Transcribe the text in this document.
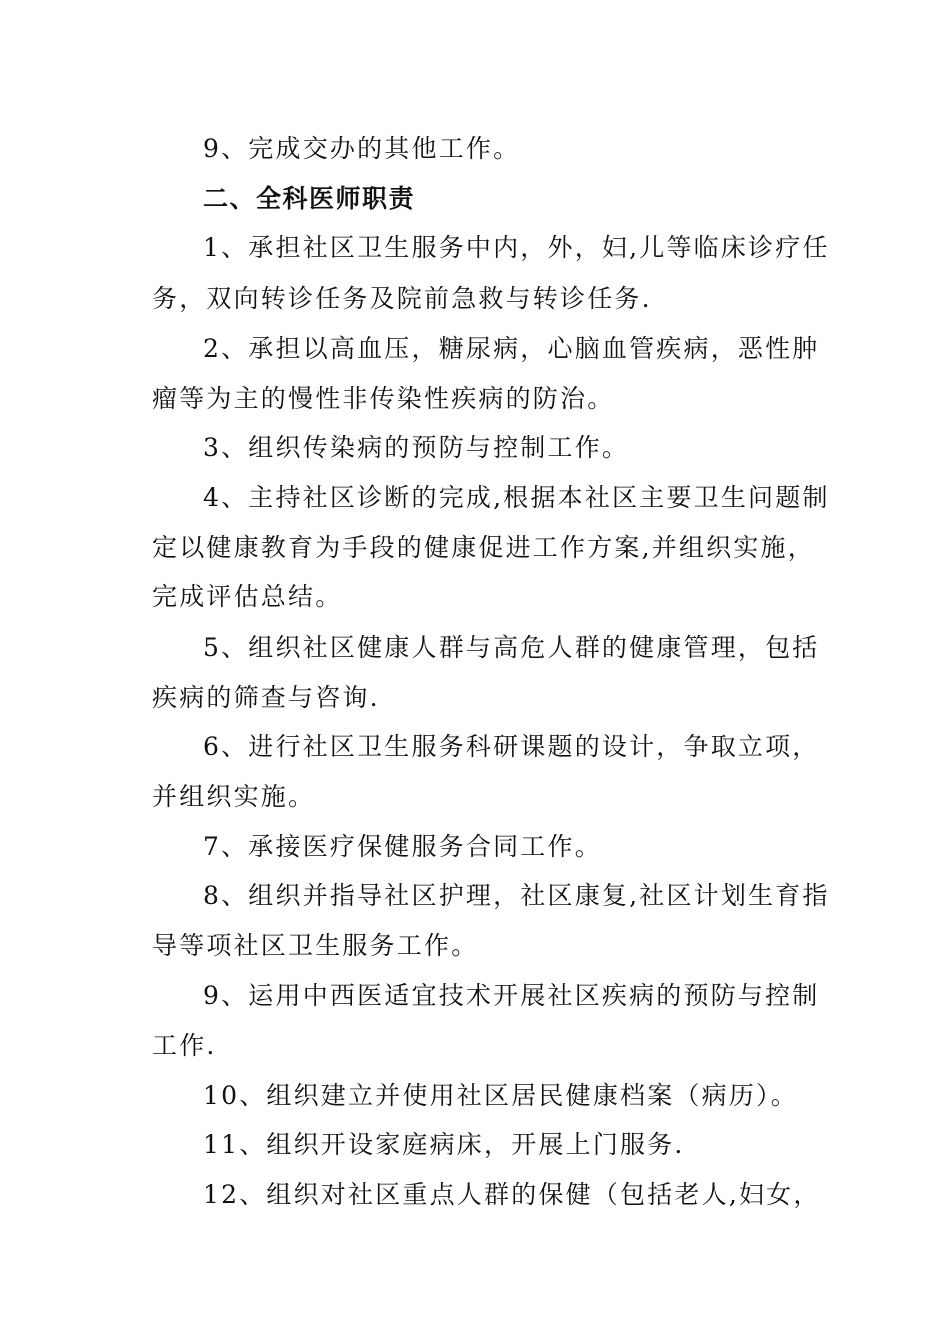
9、完成交办的其他工作。
二、全科医师职责
1、承担社区卫生服务中内，外，妇,儿等临床诊疗任
务，双向转诊任务及院前急救与转诊任务.
2、承担以高血压，糖尿病，心脑血管疾病，恶性肿
瘤等为主的慢性非传染性疾病的防治。
3、组织传染病的预防与控制工作。
4、主持社区诊断的完成,根据本社区主要卫生问题制
定以健康教育为手段的健康促进工作方案,并组织实施，
完成评估总结。
5、组织社区健康人群与高危人群的健康管理，包括
疾病的筛查与咨询.
6、进行社区卫生服务科研课题的设计，争取立项，
并组织实施。
7、承接医疗保健服务合同工作。
8、组织并指导社区护理，社区康复,社区计划生育指
导等项社区卫生服务工作。
9、运用中西医适宜技术开展社区疾病的预防与控制
工作.
10、组织建立并使用社区居民健康档案（病历）。
11、组织开设家庭病床，开展上门服务.
12、组织对社区重点人群的保健（包括老人,妇女，
